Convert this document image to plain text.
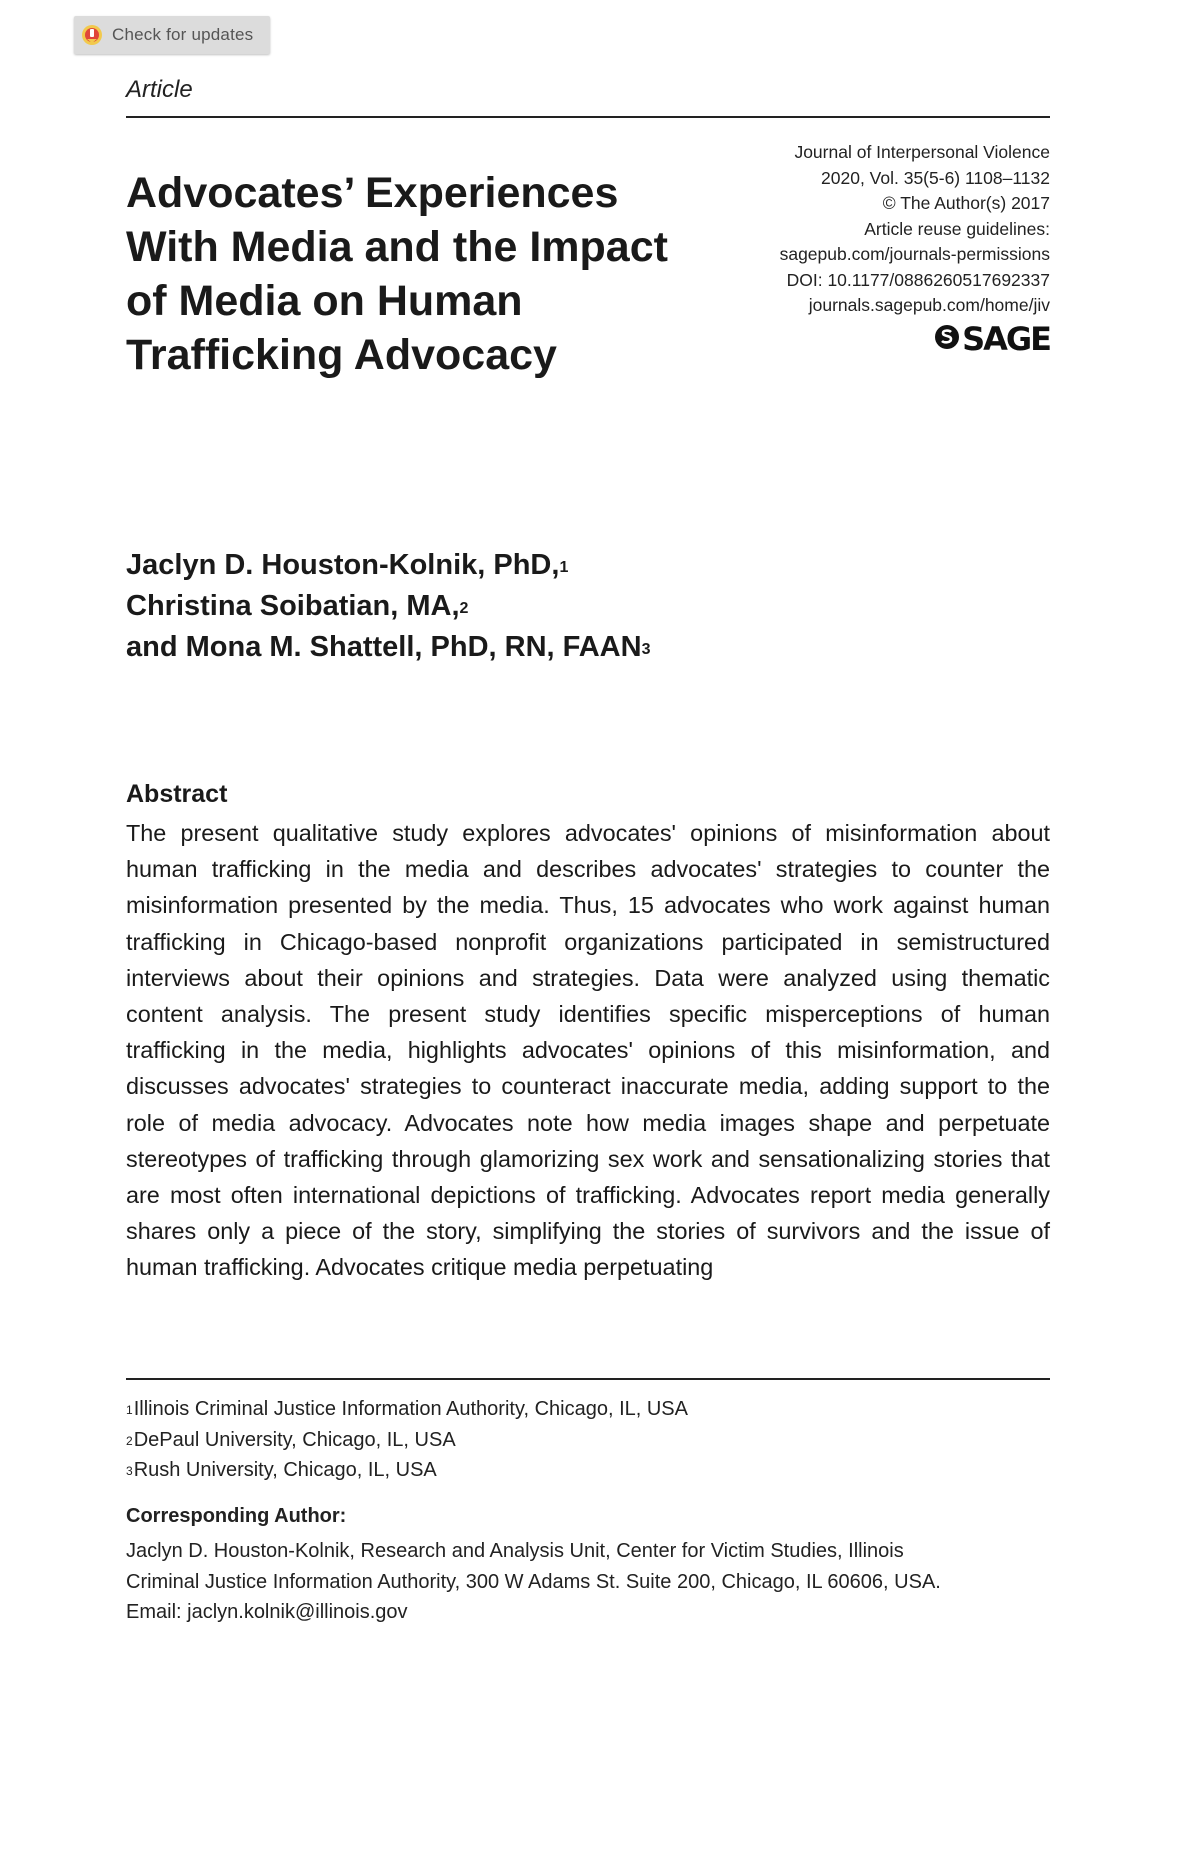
Check for updates
Article
Advocates’ Experiences With Media and the Impact of Media on Human Trafficking Advocacy
Journal of Interpersonal Violence
2020, Vol. 35(5-6) 1108–1132
© The Author(s) 2017
Article reuse guidelines:
sagepub.com/journals-permissions
DOI: 10.1177/0886260517692337
journals.sagepub.com/home/jiv
SAGE
Jaclyn D. Houston-Kolnik, PhD,$^1$
Christina Soibatian, MA,$^2$
and Mona M. Shattell, PhD, RN, FAAN$^3$
Abstract

The present qualitative study explores advocates' opinions of misinformation about human trafficking in the media and describes advocates' strategies to counter the misinformation presented by the media. Thus, 15 advocates who work against human trafficking in Chicago-based nonprofit organizations participated in semistructured interviews about their opinions and strategies. Data were analyzed using thematic content analysis. The present study identifies specific misperceptions of human trafficking in the media, highlights advocates' opinions of this misinformation, and discusses advocates' strategies to counteract inaccurate media, adding support to the role of media advocacy. Advocates note how media images shape and perpetuate stereotypes of trafficking through glamorizing sex work and sensationalizing stories that are most often international depictions of trafficking. Advocates report media generally shares only a piece of the story, simplifying the stories of survivors and the issue of human trafficking. Advocates critique media perpetuating

$^1$Illinois Criminal Justice Information Authority, Chicago, IL, USA
$^2$DePaul University, Chicago, IL, USA
$^3$Rush University, Chicago, IL, USA
Corresponding Author:
Jaclyn D. Houston-Kolnik, Research and Analysis Unit, Center for Victim Studies, Illinois
Criminal Justice Information Authority, 300 W Adams St. Suite 200, Chicago, IL 60606, USA.
Email: jaclyn.kolnik@illinois.gov
